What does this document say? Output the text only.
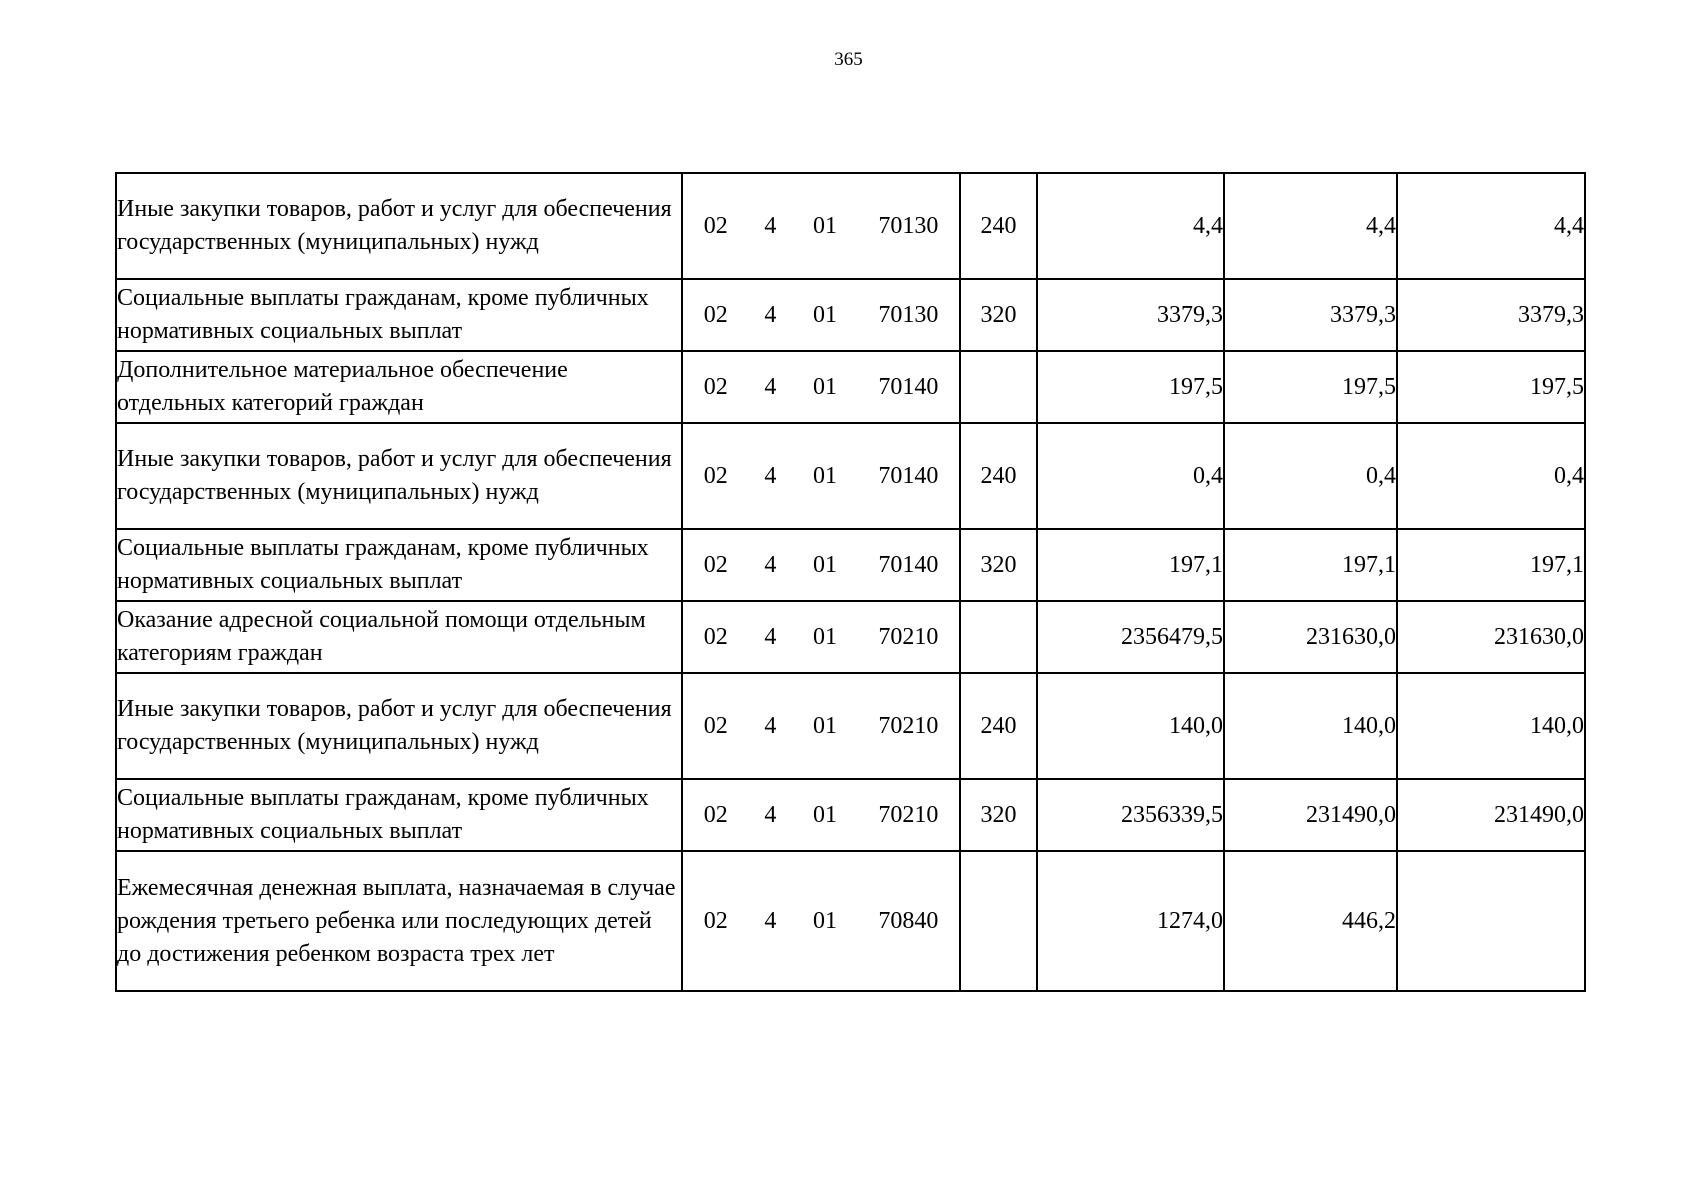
365
Иные закупки товаров, работ и услуг для обеспечения государственных (муниципальных) нужд	02 4 01 70130	240	4,4	4,4	4,4
Социальные выплаты гражданам, кроме публичных нормативных социальных выплат	02 4 01 70130	320	3379,3	3379,3	3379,3
Дополнительное материальное обеспечение отдельных категорий граждан	02 4 01 70140		197,5	197,5	197,5
Иные закупки товаров, работ и услуг для обеспечения государственных (муниципальных) нужд	02 4 01 70140	240	0,4	0,4	0,4
Социальные выплаты гражданам, кроме публичных нормативных социальных выплат	02 4 01 70140	320	197,1	197,1	197,1
Оказание адресной социальной помощи отдельным категориям граждан	02 4 01 70210		2356479,5	231630,0	231630,0
Иные закупки товаров, работ и услуг для обеспечения государственных (муниципальных) нужд	02 4 01 70210	240	140,0	140,0	140,0
Социальные выплаты гражданам, кроме публичных нормативных социальных выплат	02 4 01 70210	320	2356339,5	231490,0	231490,0
Ежемесячная денежная выплата, назначаемая в случае рождения третьего ребенка или последующих детей до достижения ребенком возраста трех лет	02 4 01 70840		1274,0	446,2	
